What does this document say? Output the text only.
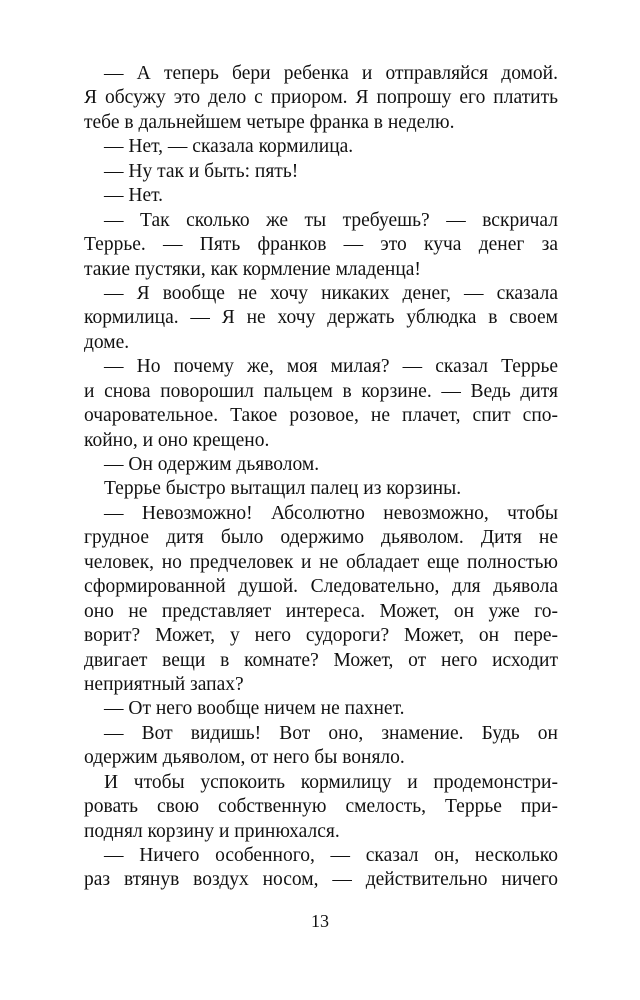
— А теперь бери ребенка и отправляйся домой.
Я обсужу это дело с приором. Я попрошу его платить
тебе в дальнейшем четыре франка в неделю.
— Нет, — сказала кормилица.
— Ну так и быть: пять!
— Нет.
— Так сколько же ты требуешь? — вскричал
Террье. — Пять франков — это куча денег за
такие пустяки, как кормление младенца!
— Я вообще не хочу никаких денег, — сказала
кормилица. — Я не хочу держать ублюдка в своем
доме.
— Но почему же, моя милая? — сказал Террье
и снова поворошил пальцем в корзине. — Ведь дитя
очаровательное. Такое розовое, не плачет, спит спо-
койно, и оно крещено.
— Он одержим дьяволом.
Террье быстро вытащил палец из корзины.
— Невозможно! Абсолютно невозможно, чтобы
грудное дитя было одержимо дьяволом. Дитя не
человек, но предчеловек и не обладает еще полностью
сформированной душой. Следовательно, для дьявола
оно не представляет интереса. Может, он уже го-
ворит? Может, у него судороги? Может, он пере-
двигает вещи в комнате? Может, от него исходит
неприятный запах?
— От него вообще ничем не пахнет.
— Вот видишь! Вот оно, знамение. Будь он
одержим дьяволом, от него бы воняло.
И чтобы успокоить кормилицу и продемонстри-
ровать свою собственную смелость, Террье при-
поднял корзину и принюхался.
— Ничего особенного, — сказал он, несколько
раз втянув воздух носом, — действительно ничего
13
